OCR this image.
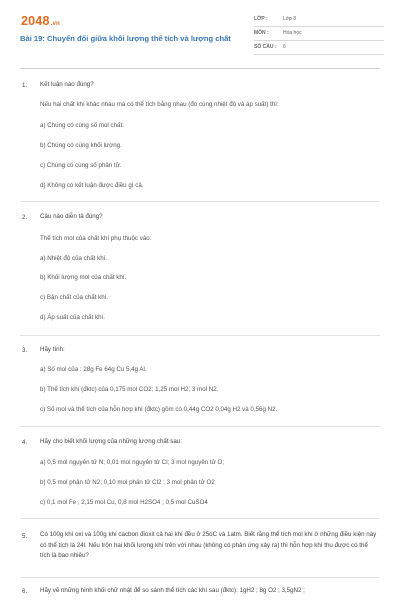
2048.vn
Bài 19: Chuyển đổi giữa khối lượng thể tích và lượng chất
LỚP :	Lớp 8
MÔN :	Hóa học
SỐ CÂU : 6
1. Kết luận nào đúng?
Nếu hai chất khí khác nhau mà có thể tích bằng nhau (đo cùng nhiệt độ và áp suất) thì:
a) Chúng có cùng số mol chất.
b) Chúng có cùng khối lượng.
c) Chúng có cùng số phân tử.
d) Không có kết luận được điều gì cả.
2. Câu nào diễn tả đúng?
Thể tích mol của chất khí phụ thuộc vào:
a) Nhiệt độ của chất khí.
b) Khối lượng mol của chất khí.
c) Bản chất của chất khí.
d) Áp suất của chất khí.
3. Hãy tính:
a) Số mol của : 28g Fe 64g Cu 5,4g Al.
b) Thể tích khí (đktc) của 0,175 mol CO2; 1,25 mol H2; 3 mol N2.
c) Số mol và thể tích của hỗn hợp khí (đktc) gồm có 0,44g CO2 0,04g H2 và 0,56g N2.
4. Hãy cho biết khối lượng của những lượng chất sau:
a) 0,5 mol nguyên tử N; 0,01 mol nguyên tử Cl; 3 mol nguyên tử O;
b) 0,5 mol phân tử N2; 0,10 mol phân tử Cl2 ; 3 mol phân tử O2
c) 0,1 mol Fe ; 2,15 mol Cu, 0,8 mol H2SO4 ; 0,5 mol CuSO4
5. Có 100g khí oxi và 100g khí cacbon đioxit cả hai khí đều ở 25oC và 1atm. Biết rằng thể tích mol khí ở những điều kiện này có thể tích là 24l. Nếu trộn hai khối lượng khí trên với nhau (không có phản ứng xảy ra) thì hỗn hợp khí thu được có thể tích là bao nhiêu?
6. Hãy vẽ những hình khối chữ nhật để so sánh thể tích các khí sau (đktc): 1gH2 ; 8g O2 ; 3,5gN2 ;
